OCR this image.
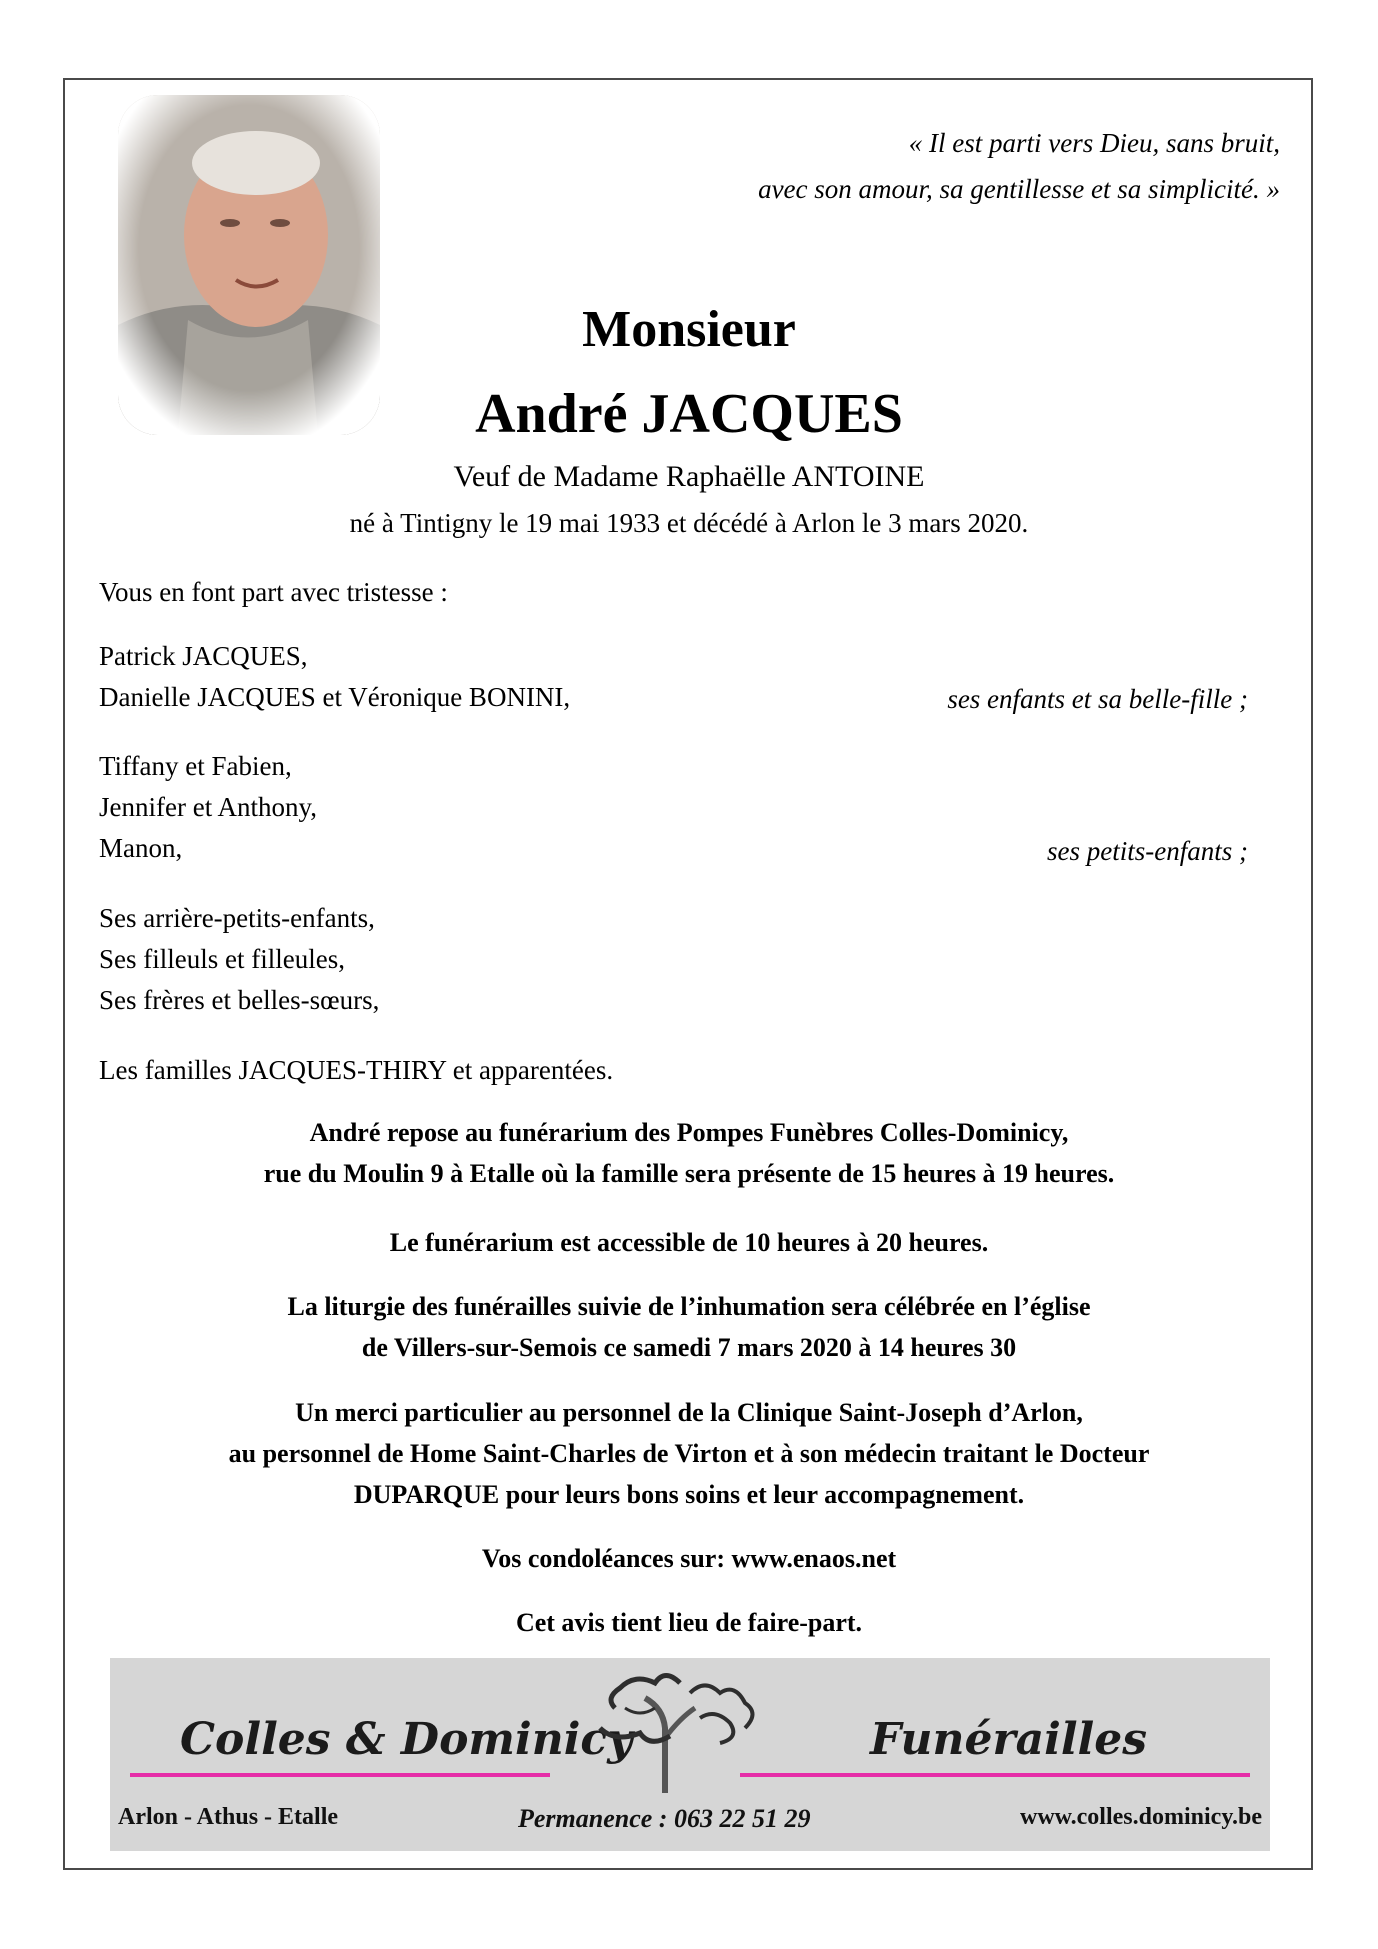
« Il est parti vers Dieu, sans bruit,
avec son amour, sa gentillesse et sa simplicité. »
Monsieur
André JACQUES
Veuf de Madame Raphaëlle ANTOINE
né à Tintigny le 19 mai 1933 et décédé à Arlon le 3 mars 2020.
Vous en font part avec tristesse :
Patrick JACQUES,
Danielle JACQUES et Véronique BONINI,	ses enfants et sa belle-fille ;
Tiffany et Fabien,
Jennifer et Anthony,
Manon,	ses petits-enfants ;
Ses arrière-petits-enfants,
Ses filleuls et filleules,
Ses frères et belles-sœurs,
Les familles JACQUES-THIRY et apparentées.
André repose au funérarium des Pompes Funèbres Colles-Dominicy,
rue du Moulin 9 à Etalle où la famille sera présente de 15 heures à 19 heures.
Le funérarium est accessible de 10 heures à 20 heures.
La liturgie des funérailles suivie de l’inhumation sera célébrée en l’église
de Villers-sur-Semois ce samedi 7 mars 2020 à 14 heures 30
Un merci particulier au personnel de la Clinique Saint-Joseph d’Arlon,
au personnel de Home Saint-Charles de Virton et à son médecin traitant le Docteur
DUPARQUE pour leurs bons soins et leur accompagnement.
Vos condoléances sur: www.enaos.net
Cet avis tient lieu de faire-part.
Colles & Dominicy	Funérailles
Arlon - Athus - Etalle	Permanence : 063 22 51 29	www.colles.dominicy.be
